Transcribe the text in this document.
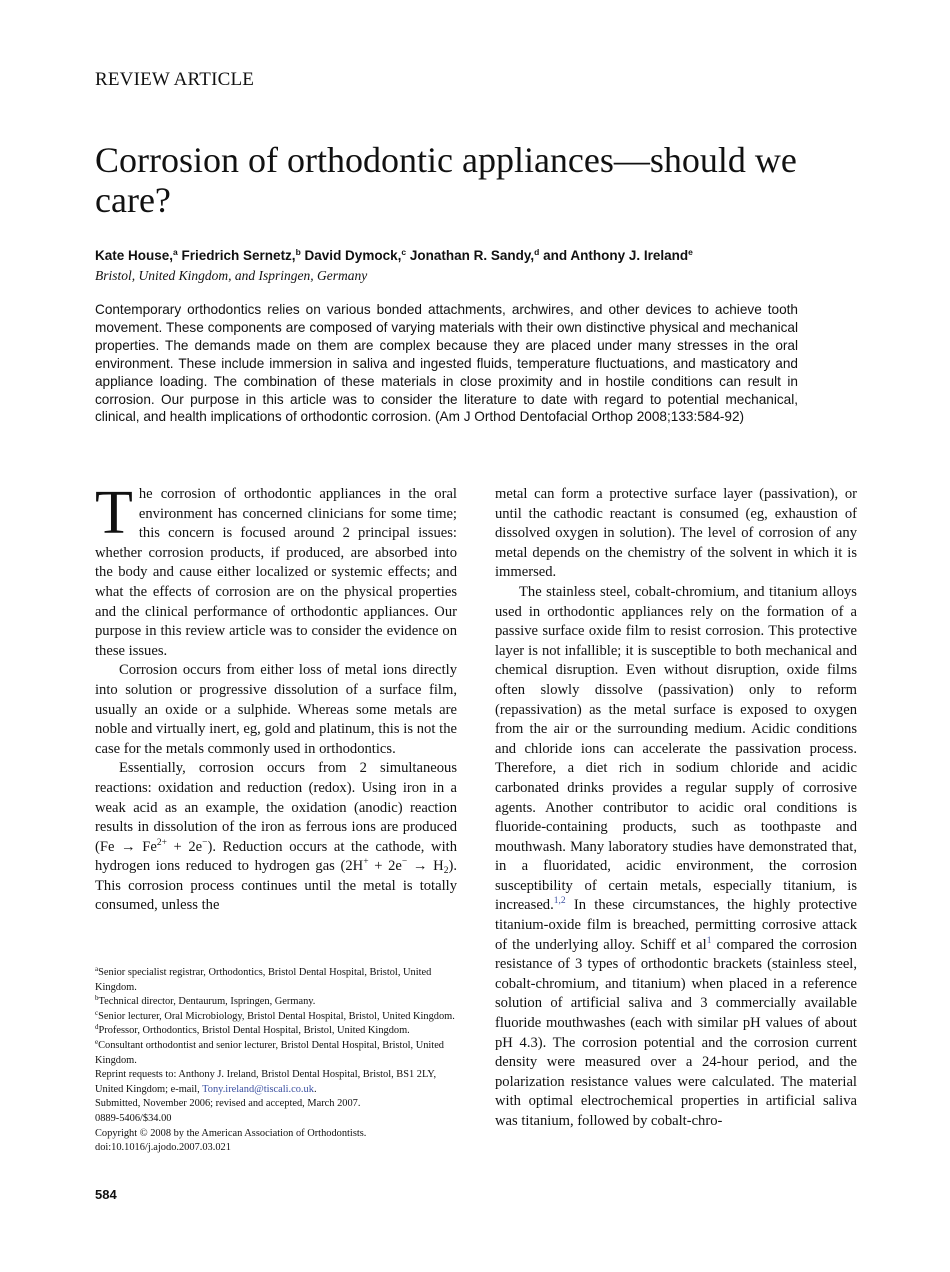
REVIEW ARTICLE
Corrosion of orthodontic appliances—should we care?
Kate House,$^a$ Friedrich Sernetz,$^b$ David Dymock,$^c$ Jonathan R. Sandy,$^d$ and Anthony J. Ireland$^e$
Bristol, United Kingdom, and Ispringen, Germany

Contemporary orthodontics relies on various bonded attachments, archwires, and other devices to achieve tooth movement. These components are composed of varying materials with their own distinctive physical and mechanical properties. The demands made on them are complex because they are placed under many stresses in the oral environment. These include immersion in saliva and ingested fluids, temperature fluctuations, and masticatory and appliance loading. The combination of these materials in close proximity and in hostile conditions can result in corrosion. Our purpose in this article was to consider the literature to date with regard to potential mechanical, clinical, and health implications of orthodontic corrosion. (Am J Orthod Dentofacial Orthop 2008;133:584-92)

The corrosion of orthodontic appliances in the oral environment has concerned clinicians for some time; this concern is focused around 2 principal issues: whether corrosion products, if produced, are absorbed into the body and cause either localized or systemic effects; and what the effects of corrosion are on the physical properties and the clinical performance of orthodontic appliances. Our purpose in this review article was to consider the evidence on these issues.

Corrosion occurs from either loss of metal ions directly into solution or progressive dissolution of a surface film, usually an oxide or a sulphide. Whereas some metals are noble and virtually inert, eg, gold and platinum, this is not the case for the metals commonly used in orthodontics.

Essentially, corrosion occurs from 2 simultaneous reactions: oxidation and reduction (redox). Using iron in a weak acid as an example, the oxidation (anodic) reaction results in dissolution of the iron as ferrous ions are produced $(Fe \to Fe^{2+} + 2e^-)$. Reduction occurs at the cathode, with hydrogen ions reduced to hydrogen gas $(2H^+ + 2e^- \to H_2)$. This corrosion process continues until the metal is totally consumed, unless the

$^a$Senior specialist registrar, Orthodontics, Bristol Dental Hospital, Bristol, United Kingdom.

$^b$Technical director, Dentaurum, Ispringen, Germany.

$^c$Senior lecturer, Oral Microbiology, Bristol Dental Hospital, Bristol, United Kingdom.

$^d$Professor, Orthodontics, Bristol Dental Hospital, Bristol, United Kingdom.

$^e$Consultant orthodontist and senior lecturer, Bristol Dental Hospital, Bristol, United Kingdom.

Reprint requests to: Anthony J. Ireland, Bristol Dental Hospital, Bristol, BS1 2LY, United Kingdom; e-mail, Tony.ireland@tiscali.co.uk.

Submitted, November 2006; revised and accepted, March 2007.

0889-5406/$34.00

Copyright © 2008 by the American Association of Orthodontists.

doi:10.1016/j.ajodo.2007.03.021

584

metal can form a protective surface layer (passivation), or until the cathodic reactant is consumed (eg, exhaustion of dissolved oxygen in solution). The level of corrosion of any metal depends on the chemistry of the solvent in which it is immersed.

The stainless steel, cobalt-chromium, and titanium alloys used in orthodontic appliances rely on the formation of a passive surface oxide film to resist corrosion. This protective layer is not infallible; it is susceptible to both mechanical and chemical disruption. Even without disruption, oxide films often slowly dissolve (passivation) only to reform (repassivation) as the metal surface is exposed to oxygen from the air or the surrounding medium. Acidic conditions and chloride ions can accelerate the passivation process. Therefore, a diet rich in sodium chloride and acidic carbonated drinks provides a regular supply of corrosive agents. Another contributor to acidic oral conditions is fluoride-containing products, such as toothpaste and mouthwash. Many laboratory studies have demonstrated that, in a fluoridated, acidic environment, the corrosion susceptibility of certain metals, especially titanium, is increased.$^{1,2}$ In these circumstances, the highly protective titanium-oxide film is breached, permitting corrosive attack of the underlying alloy. Schiff et al$^1$ compared the corrosion resistance of 3 types of orthodontic brackets (stainless steel, cobalt-chromium, and titanium) when placed in a reference solution of artificial saliva and 3 commercially available fluoride mouthwashes (each with similar pH values of about pH 4.3). The corrosion potential and the corrosion current density were measured over a 24-hour period, and the polarization resistance values were calculated. The material with optimal electrochemical properties in artificial saliva was titanium, followed by cobalt-chro-
